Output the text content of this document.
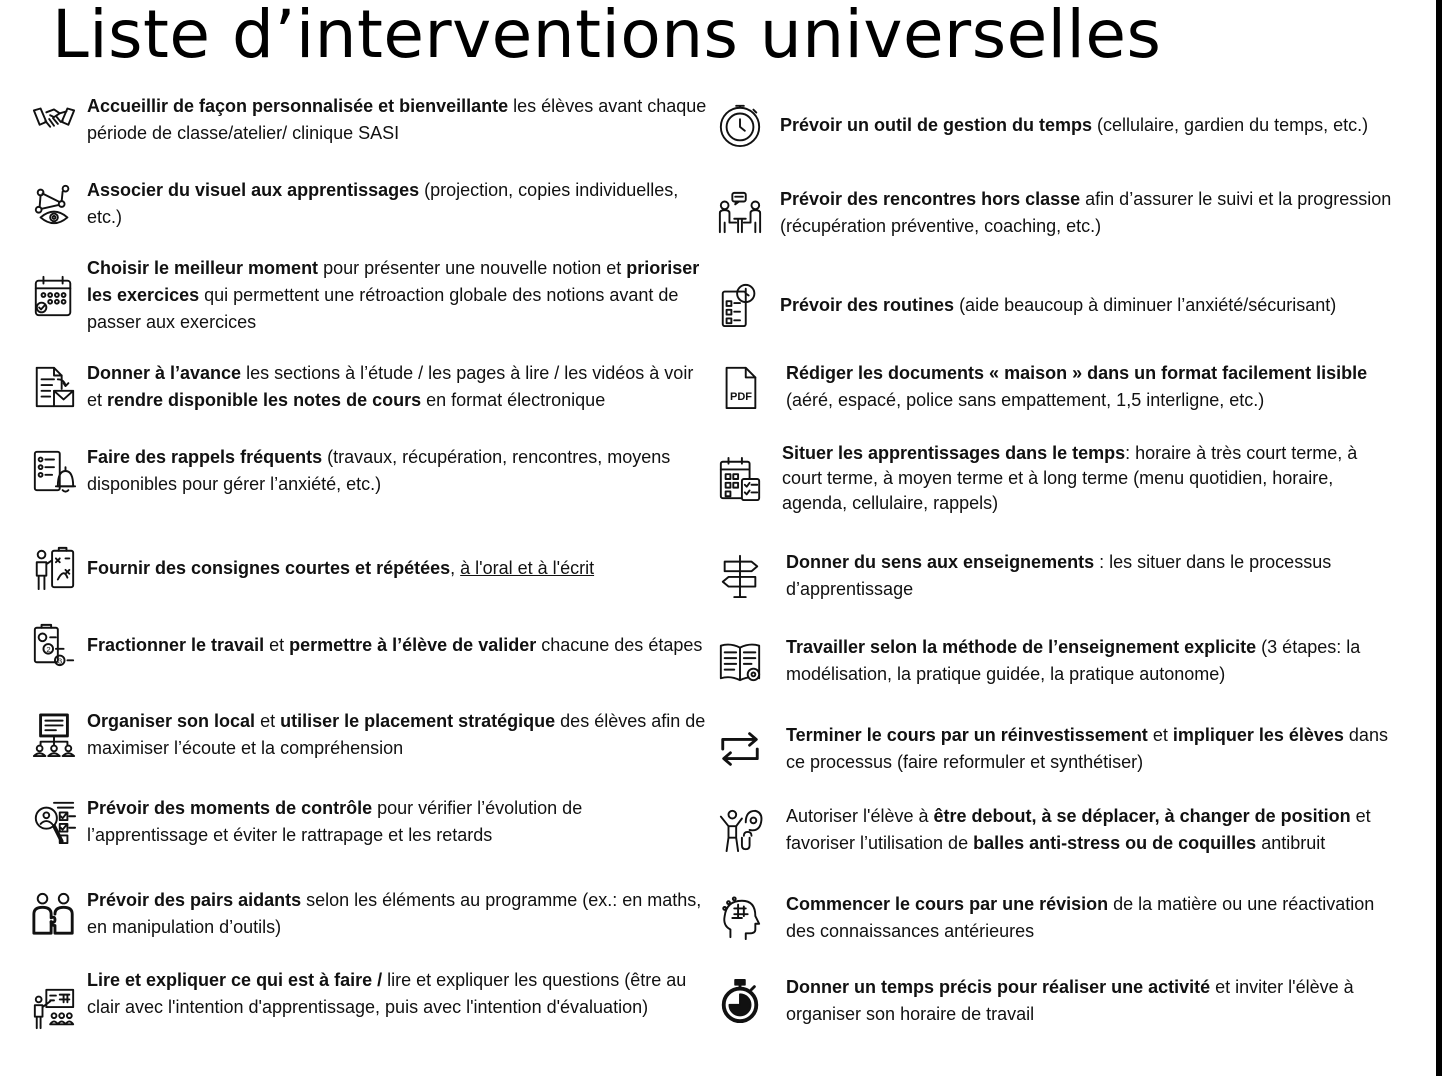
Liste d’interventions universelles
Accueillir de façon personnalisée et bienveillante les élèves avant chaque période de classe/atelier/ clinique SASI
Associer du visuel aux apprentissages (projection, copies individuelles, etc.)
Choisir le meilleur moment pour présenter une nouvelle notion et prioriser les exercices qui permettent une rétroaction globale des notions avant de passer aux exercices
Donner à l’avance les sections à l’étude / les pages à lire / les vidéos à voir et rendre disponible les notes de cours en format électronique
Faire des rappels fréquents (travaux, récupération, rencontres, moyens disponibles pour gérer l’anxiété, etc.)
Fournir des consignes courtes et répétées, à l'oral et à l'écrit
2
3
Fractionner le travail et permettre à l’élève de valider chacune des étapes
Organiser son local et utiliser le placement stratégique des élèves afin de maximiser l’écoute et la compréhension
Prévoir des moments de contrôle pour vérifier l’évolution de l’apprentissage et éviter le rattrapage et les retards
Prévoir des pairs aidants selon les éléments au programme (ex.: en maths, en manipulation d’outils)
Lire et expliquer ce qui est à faire / lire et expliquer les questions (être au clair avec l'intention d'apprentissage, puis avec l'intention d'évaluation)
Prévoir un outil de gestion du temps (cellulaire, gardien du temps, etc.)
Prévoir des rencontres hors classe afin d’assurer le suivi et la progression (récupération préventive, coaching, etc.)
Prévoir des routines (aide beaucoup à diminuer l’anxiété/sécurisant)
PDF
Rédiger les documents « maison » dans un format facilement lisible (aéré, espacé, police sans empattement, 1,5 interligne, etc.)
Situer les apprentissages dans le temps: horaire à très court terme, à court terme, à moyen terme et à long terme (menu quotidien, horaire, agenda, cellulaire, rappels)
Donner du sens aux enseignements : les situer dans le processus d’apprentissage
Travailler selon la méthode de l’enseignement explicite (3 étapes: la modélisation, la pratique guidée, la pratique autonome)
Terminer le cours par un réinvestissement et impliquer les élèves dans ce processus (faire reformuler et synthétiser)
Autoriser l'élève à être debout, à se déplacer, à changer de position et favoriser l’utilisation de balles anti-stress ou de coquilles antibruit
Commencer le cours par une révision de la matière ou une réactivation des connaissances antérieures
Donner un temps précis pour réaliser une activité et inviter l'élève à organiser son horaire de travail
